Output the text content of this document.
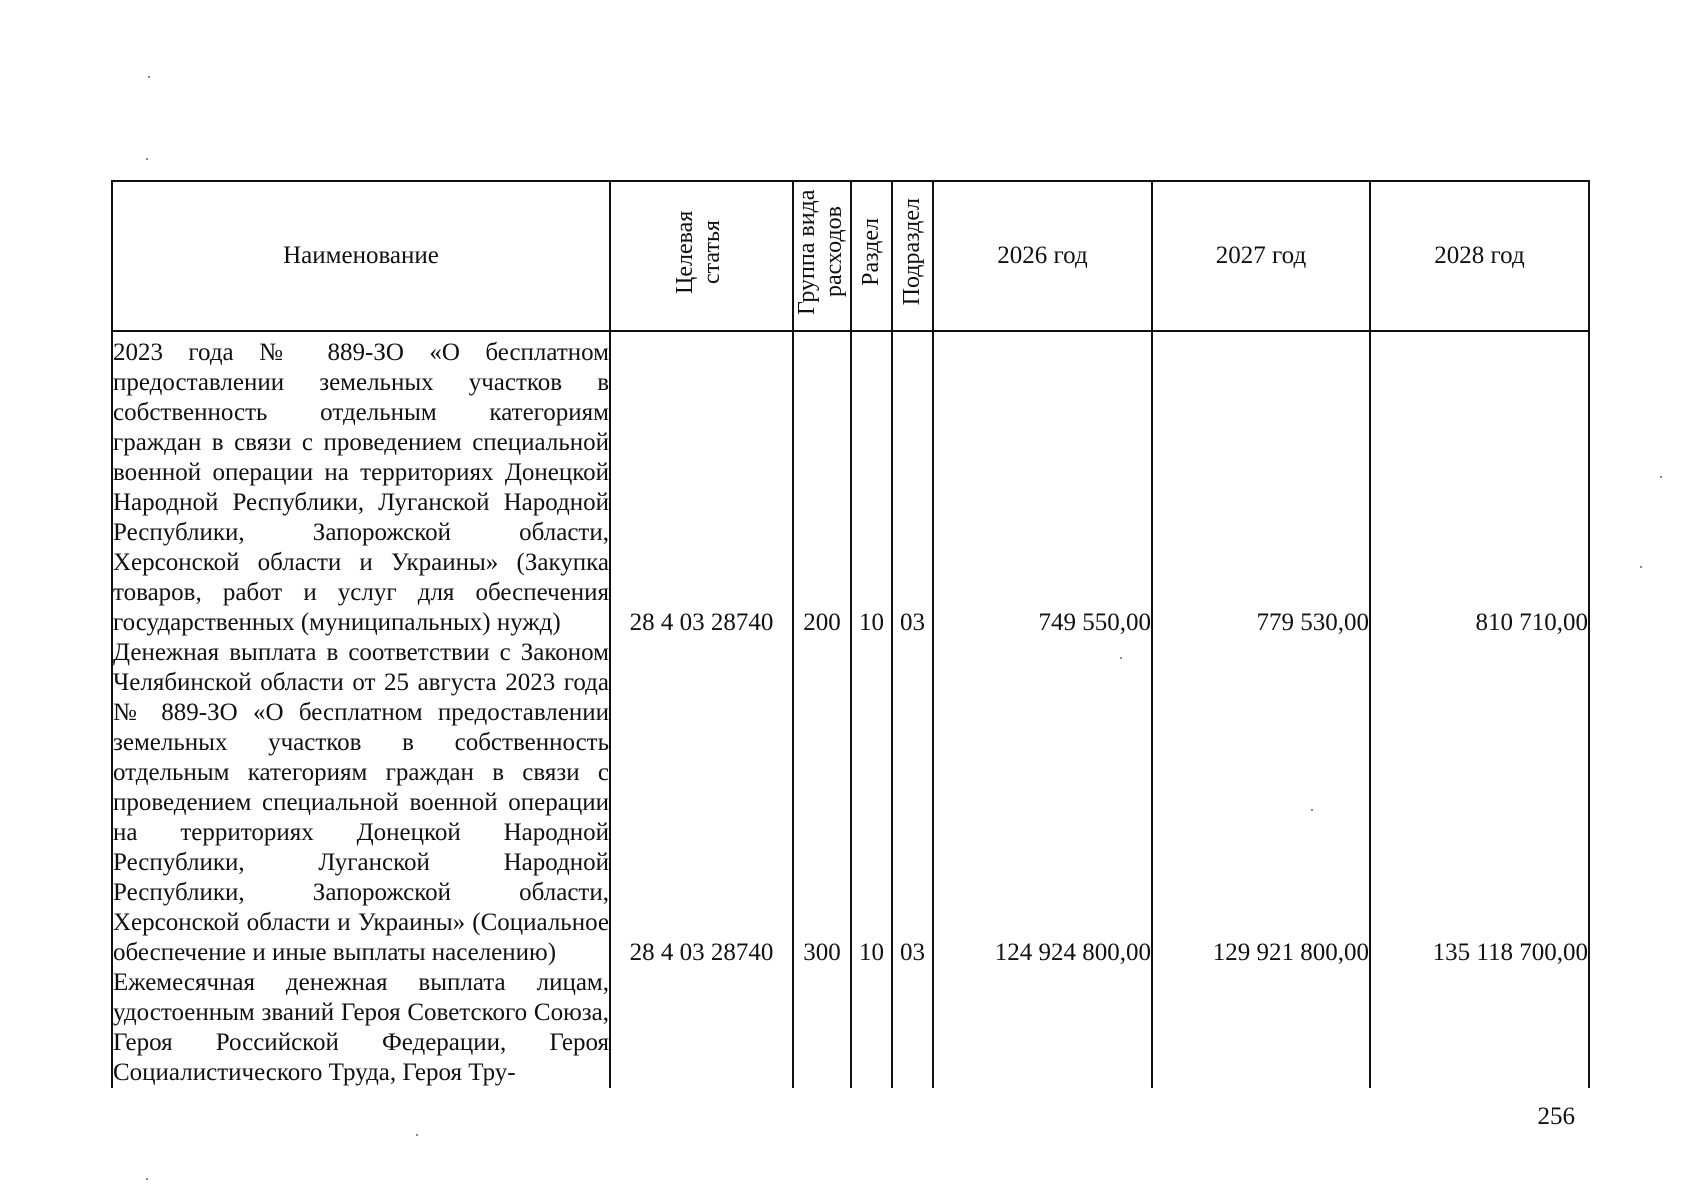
Наименование	Целевая статья	Группа вида расходов	Раздел	Подраздел	2026 год	2027 год	2028 год
2023 года № 889-ЗО «О бесплатном предоставлении земельных участков в собственность отдельным категориям граждан в связи с проведением специальной военной операции на территориях Донецкой Народной Республики, Луганской Народной Республики, Запорожской области, Херсонской области и Украины» (Закупка товаров, работ и услуг для обеспечения государственных (муниципальных) нужд)	28 4 03 28740	200	10	03	749 550,00	779 530,00	810 710,00
Денежная выплата в соответствии с Законом Челябинской области от 25 августа 2023 года № 889-ЗО «О бесплатном предоставлении земельных участков в собственность отдельным категориям граждан в связи с проведением специальной военной операции на территориях Донецкой Народной Республики, Луганской Народной Республики, Запорожской области, Херсонской области и Украины» (Социальное обеспечение и иные выплаты населению)	28 4 03 28740	300	10	03	124 924 800,00	129 921 800,00	135 118 700,00
Ежемесячная денежная выплата лицам, удостоенным званий Героя Советского Союза, Героя Российской Федерации, Героя Социалистического Труда, Героя Тру-							
256
